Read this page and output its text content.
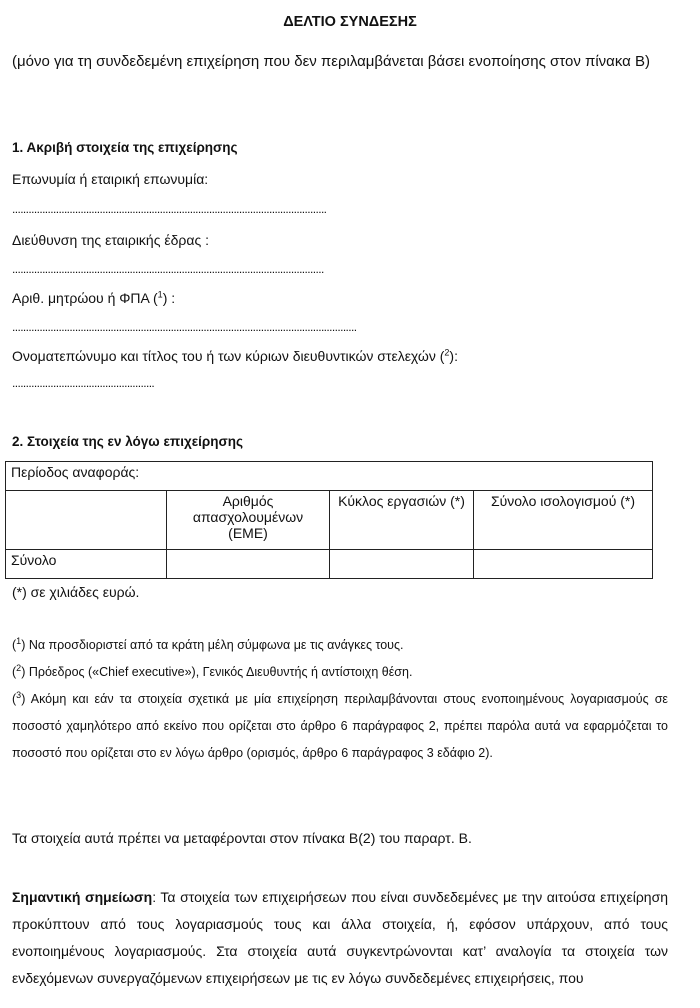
ΔΕΛΤΙΟ ΣΥΝΔΕΣΗΣ
(μόνο για τη συνδεδεμένη επιχείρηση που δεν περιλαμβάνεται βάσει ενοποίησης στον πίνακα Β)
1. Ακριβή στοιχεία της επιχείρησης
Επωνυμία ή εταιρική επωνυμία:
...................................................................................................................
Διεύθυνση της εταιρικής έδρας :
..................................................................................................................
Αριθ. μητρώου ή ΦΠΑ ($^1$) :
..............................................................................................................................
Ονοματεπώνυμο και τίτλος του ή των κύριων διευθυντικών στελεχών ($^2$):
....................................................
2. Στοιχεία της εν λόγω επιχείρησης
Περίοδος αναφοράς:			
	Αριθμός απασχολουμένων (ΕΜΕ)	Κύκλος εργασιών (*)	Σύνολο ισολογισμού (*)
Σύνολο			
(*) σε χιλιάδες ευρώ.
($^1$) Να προσδιοριστεί από τα κράτη μέλη σύμφωνα με τις ανάγκες τους.
($^2$) Πρόεδρος («Chief executive»), Γενικός Διευθυντής ή αντίστοιχη θέση.
($^3$) Ακόμη και εάν τα στοιχεία σχετικά με μία επιχείρηση περιλαμβάνονται στους ενοποιημένους λογαριασμούς σε ποσοστό χαμηλότερο από εκείνο που ορίζεται στο άρθρο 6 παράγραφος 2, πρέπει παρόλα αυτά να εφαρμόζεται το ποσοστό που ορίζεται στο εν λόγω άρθρο (ορισμός, άρθρο 6 παράγραφος 3 εδάφιο 2).
Τα στοιχεία αυτά πρέπει να μεταφέρονται στον πίνακα Β(2) του παραρτ. Β.
Σημαντική σημείωση: Τα στοιχεία των επιχειρήσεων που είναι συνδεδεμένες με την αιτούσα επιχείρηση προκύπτουν από τους λογαριασμούς τους και άλλα στοιχεία, ή, εφόσον υπάρχουν, από τους ενοποιημένους λογαριασμούς. Στα στοιχεία αυτά συγκεντρώνονται κατ’ αναλογία τα στοιχεία των ενδεχόμενων συνεργαζόμενων επιχειρήσεων με τις εν λόγω συνδεδεμένες επιχειρήσεις, που
